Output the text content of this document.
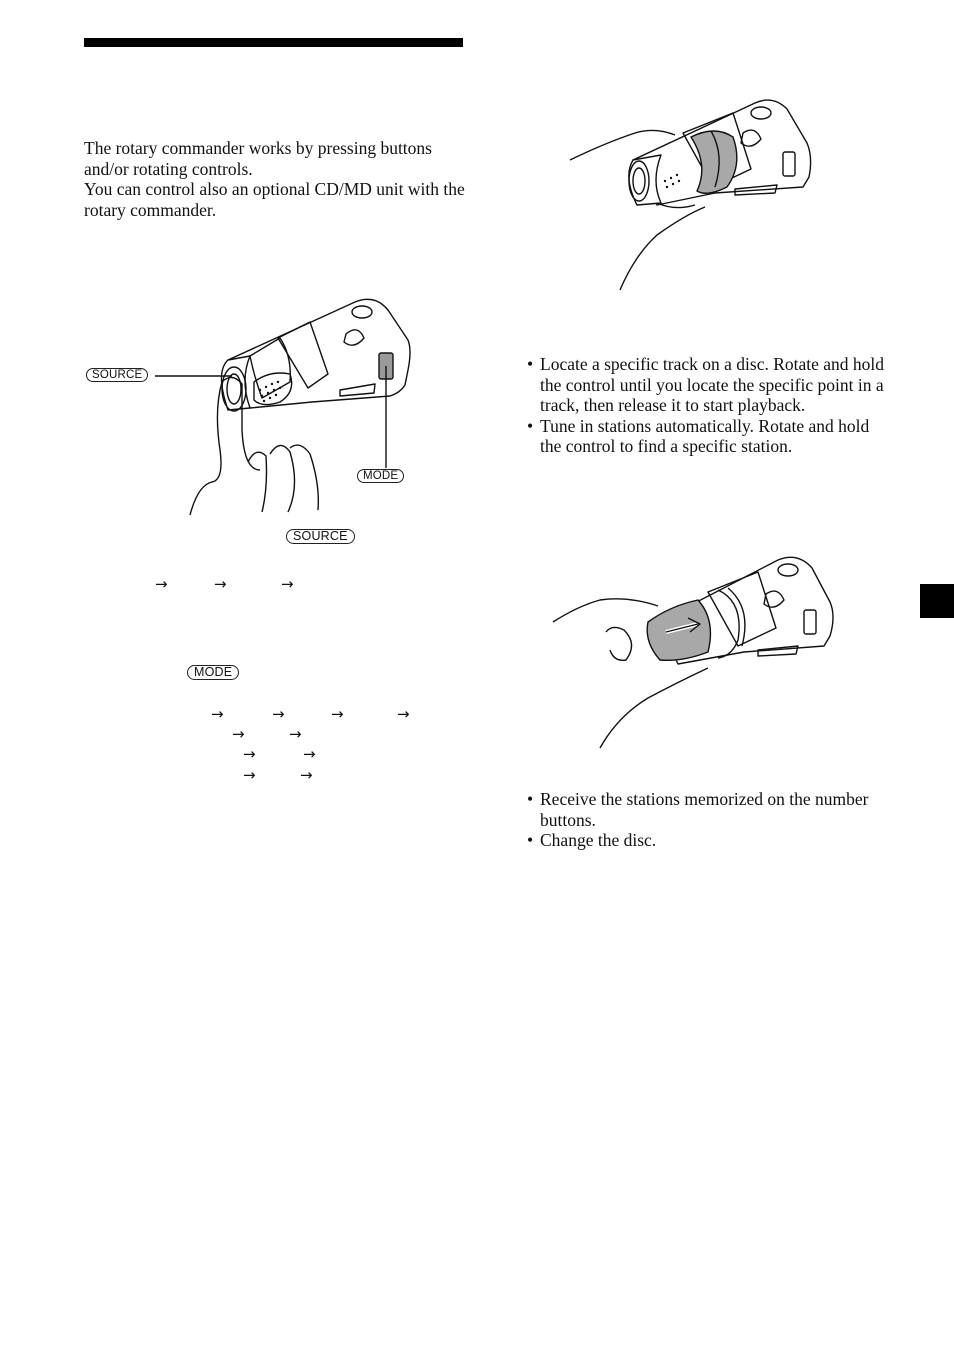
The rotary commander works by pressing buttons and/or rotating controls.

You can control also an optional CD/MD unit with the rotary commander.

SOURCE
MODE
SOURCE
→	→	→
MODE
→	→	→	→
→	→
→	→
→	→
• Locate a specific track on a disc. Rotate and hold the control until you locate the specific point in a track, then release it to start playback.
• Tune in stations automatically. Rotate and hold the control to find a specific station.
• Receive the stations memorized on the number buttons.
• Change the disc.
